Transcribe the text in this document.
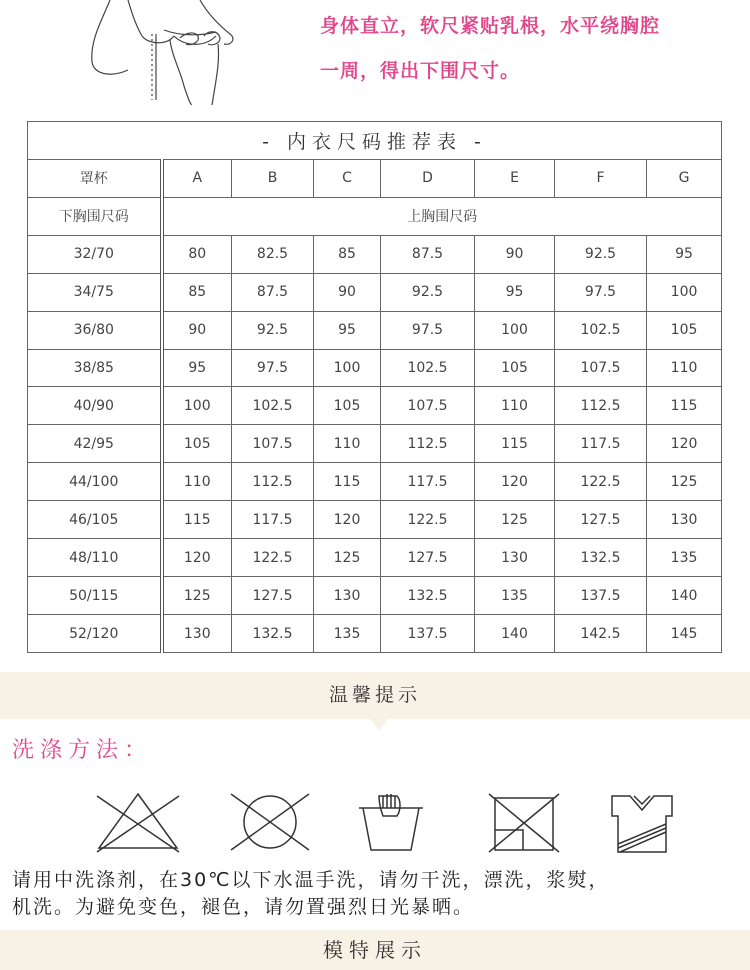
身体直立，软尺紧贴乳根，水平绕胸腔
一周，得出下围尺寸。
- 内衣尺码推荐表 -							
罩杯	A	B	C	D	E	F	G
下胸围尺码	上胸围尺码						
32/70	80	82.5	85	87.5	90	92.5	95
34/75	85	87.5	90	92.5	95	97.5	100
36/80	90	92.5	95	97.5	100	102.5	105
38/85	95	97.5	100	102.5	105	107.5	110
40/90	100	102.5	105	107.5	110	112.5	115
42/95	105	107.5	110	112.5	115	117.5	120
44/100	110	112.5	115	117.5	120	122.5	125
46/105	115	117.5	120	122.5	125	127.5	130
48/110	120	122.5	125	127.5	130	132.5	135
50/115	125	127.5	130	132.5	135	137.5	140
52/120	130	132.5	135	137.5	140	142.5	145
温馨提示
洗涤方法：
请用中洗涤剂，在30℃以下水温手洗，请勿干洗，漂洗，浆熨，
机洗。为避免变色，褪色，请勿置强烈日光暴晒。
模特展示
